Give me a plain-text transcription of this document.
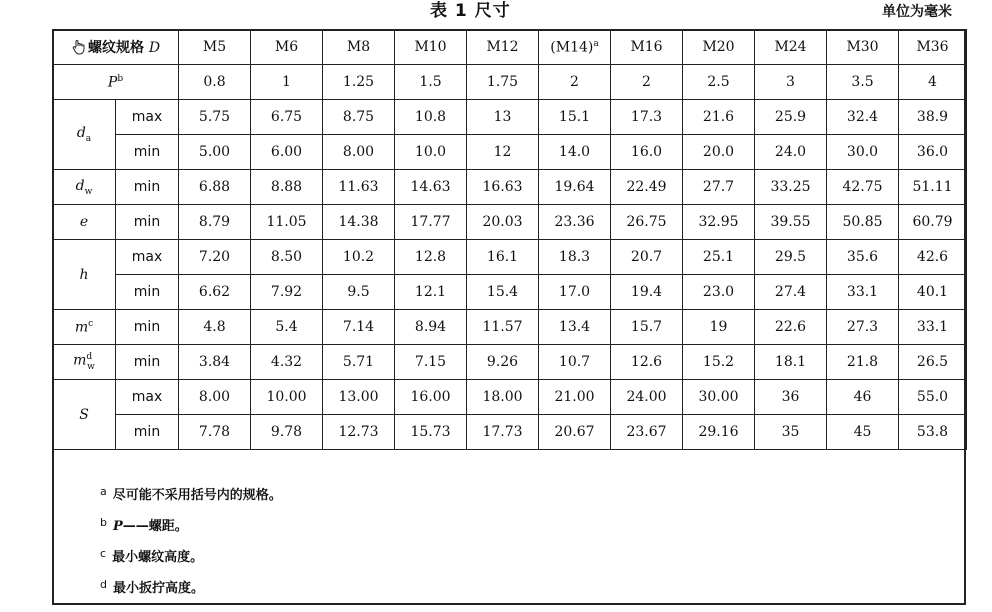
表 1 尺寸	单位为毫米
螺纹规格 D		M5	M6	M8	M10	M12	$(M14)^a$	M16	M20	M24	M30	M36
$P^b$		0.8	1	1.25	1.5	1.75	2	2	2.5	3	3.5	4
$d_a$	max	5.75	6.75	8.75	10.8	13	15.1	17.3	21.6	25.9	32.4	38.9
	min	5.00	6.00	8.00	10.0	12	14.0	16.0	20.0	24.0	30.0	36.0
$d_w$	min	6.88	8.88	11.63	14.63	16.63	19.64	22.49	27.7	33.25	42.75	51.11
e	min	8.79	11.05	14.38	17.77	20.03	23.36	26.75	32.95	39.55	50.85	60.79
h	max	7.20	8.50	10.2	12.8	16.1	18.3	20.7	25.1	29.5	35.6	42.6
	min	6.62	7.92	9.5	12.1	15.4	17.0	19.4	23.0	27.4	33.1	40.1
$m^c$	min	4.8	5.4	7.14	8.94	11.57	13.4	15.7	19	22.6	27.3	33.1
$m^d_w$	min	3.84	4.32	5.71	7.15	9.26	10.7	12.6	15.2	18.1	21.8	26.5
S	max	8.00	10.00	13.00	16.00	18.00	21.00	24.00	30.00	36	46	55.0
	min	7.78	9.78	12.73	15.73	17.73	20.67	23.67	29.16	35	45	53.8
$^a$ 尽可能不采用括号内的规格。
$^b$ P——螺距。
$^c$ 最小螺纹高度。
$^d$ 最小扳拧高度。
